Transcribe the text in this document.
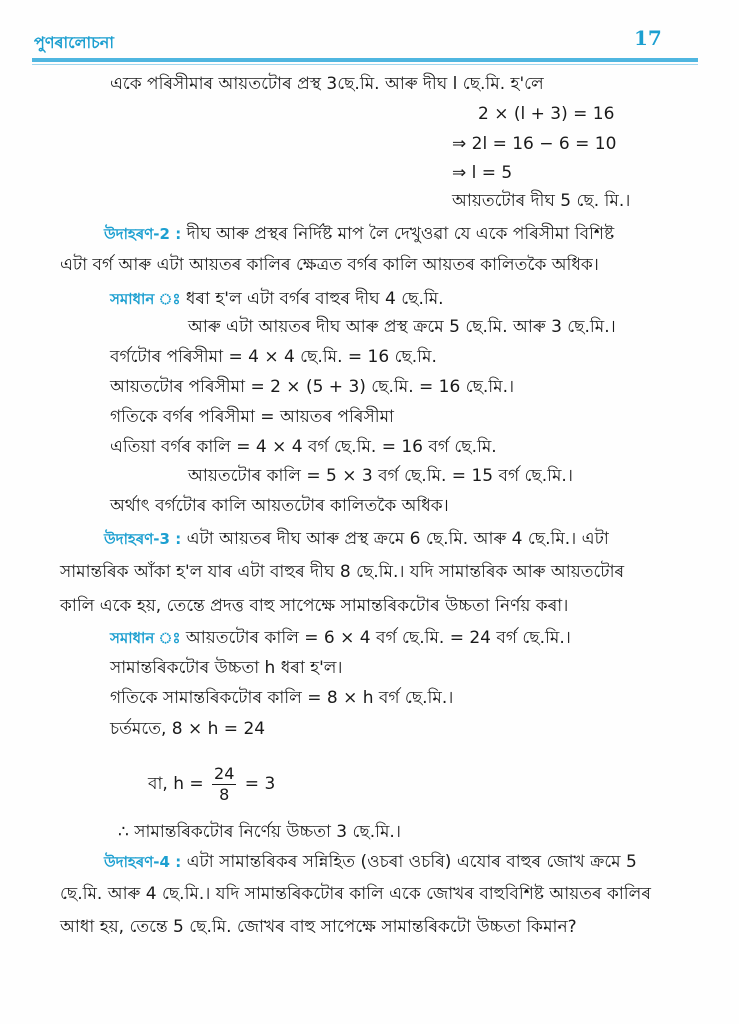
পুণৰালোচনা	17
একে পৰিসীমাৰ আয়তটোৰ প্ৰস্থ 3ছে.মি. আৰু দীঘ l ছে.মি. হ'লে
2 × (l + 3) = 16
⇒ 2l = 16 − 6 = 10
⇒ l = 5
আয়তটোৰ দীঘ 5 ছে. মি.।
উদাহৰণ-2 : দীঘ আৰু প্ৰস্থৰ নিৰ্দিষ্ট মাপ লৈ দেখুওৱা যে একে পৰিসীমা বিশিষ্ট
এটা বৰ্গ আৰু এটা আয়তৰ কালিৰ ক্ষেত্ৰত বৰ্গৰ কালি আয়তৰ কালিতকৈ অধিক।
সমাধান ঃ ধৰা হ'ল এটা বৰ্গৰ বাহুৰ দীঘ 4 ছে.মি.
আৰু এটা আয়তৰ দীঘ আৰু প্ৰস্থ ক্ৰমে 5 ছে.মি. আৰু 3 ছে.মি.।
বৰ্গটোৰ পৰিসীমা = 4 × 4 ছে.মি. = 16 ছে.মি.
আয়তটোৰ পৰিসীমা = 2 × (5 + 3) ছে.মি. = 16 ছে.মি.।
গতিকে বৰ্গৰ পৰিসীমা = আয়তৰ পৰিসীমা
এতিয়া বৰ্গৰ কালি = 4 × 4 বৰ্গ ছে.মি. = 16 বৰ্গ ছে.মি.
আয়তটোৰ কালি = 5 × 3 বৰ্গ ছে.মি. = 15 বৰ্গ ছে.মি.।
অৰ্থাৎ বৰ্গটোৰ কালি আয়তটোৰ কালিতকৈ অধিক।
উদাহৰণ-3 : এটা আয়তৰ দীঘ আৰু প্ৰস্থ ক্ৰমে 6 ছে.মি. আৰু 4 ছে.মি.। এটা
সামান্তৰিক আঁকা হ'ল যাৰ এটা বাহুৰ দীঘ 8 ছে.মি.। যদি সামান্তৰিক আৰু আয়তটোৰ
কালি একে হয়, তেন্তে প্ৰদত্ত বাহু সাপেক্ষে সামান্তৰিকটোৰ উচ্চতা নিৰ্ণয় কৰা।
সমাধান ঃ আয়তটোৰ কালি = 6 × 4 বৰ্গ ছে.মি. = 24 বৰ্গ ছে.মি.।
সামান্তৰিকটোৰ উচ্চতা h ধৰা হ'ল।
গতিকে সামান্তৰিকটোৰ কালি = 8 × h বৰ্গ ছে.মি.।
চৰ্তমতে, 8 × h = 24
বা, $h = \frac{24}{8} = 3$
∴ সামান্তৰিকটোৰ নিৰ্ণেয় উচ্চতা 3 ছে.মি.।
উদাহৰণ-4 : এটা সামান্তৰিকৰ সন্নিহিত (ওচৰা ওচৰি) এযোৰ বাহুৰ জোখ ক্ৰমে 5
ছে.মি. আৰু 4 ছে.মি.। যদি সামান্তৰিকটোৰ কালি একে জোখৰ বাহুবিশিষ্ট আয়তৰ কালিৰ
আধা হয়, তেন্তে 5 ছে.মি. জোখৰ বাহু সাপেক্ষে সামান্তৰিকটো উচ্চতা কিমান?
